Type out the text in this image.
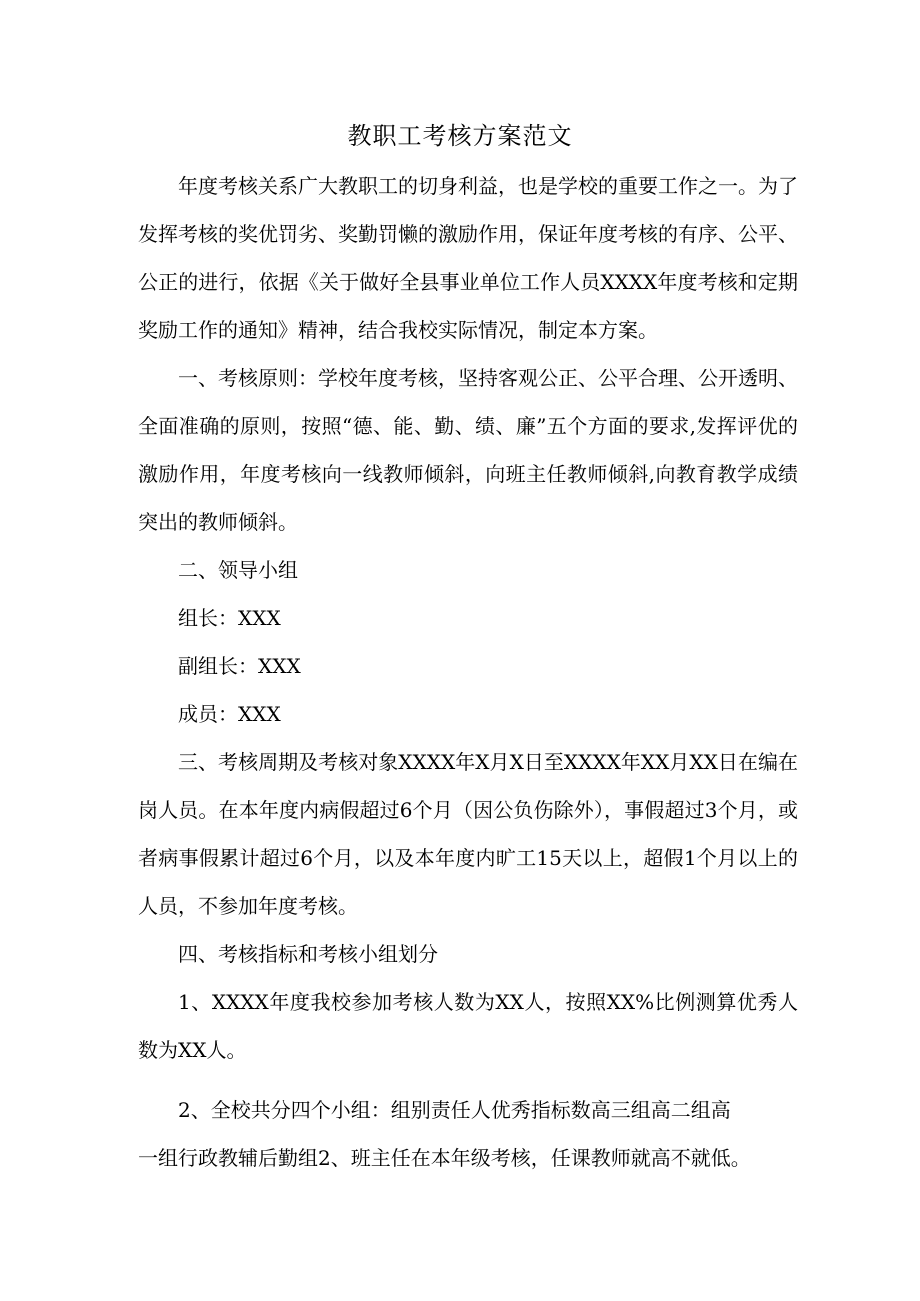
教职工考核方案范文

年度考核关系广大教职工的切身利益，也是学校的重要工作之一。为了发挥考核的奖优罚劣、奖勤罚懒的激励作用，保证年度考核的有序、公平、公正的进行，依据《关于做好全县事业单位工作人员XXXX年度考核和定期奖励工作的通知》精神，结合我校实际情况，制定本方案。

一、考核原则：学校年度考核，坚持客观公正、公平合理、公开透明、全面准确的原则，按照“德、能、勤、绩、廉”五个方面的要求,发挥评优的激励作用，年度考核向一线教师倾斜，向班主任教师倾斜,向教育教学成绩突出的教师倾斜。

二、领导小组
组长：XXX
副组长：XXX
成员：XXX

三、考核周期及考核对象XXXX年X月X日至XXXX年XX月XX日在编在岗人员。在本年度内病假超过6个月（因公负伤除外），事假超过3个月，或者病事假累计超过6个月，以及本年度内旷工15天以上，超假1个月以上的人员，不参加年度考核。

四、考核指标和考核小组划分

1、XXXX年度我校参加考核人数为XX人，按照XX%比例测算优秀人数为XX人。

2、全校共分四个小组：组别责任人优秀指标数高三组高二组高
一组行政教辅后勤组2、班主任在本年级考核，任课教师就高不就低。
